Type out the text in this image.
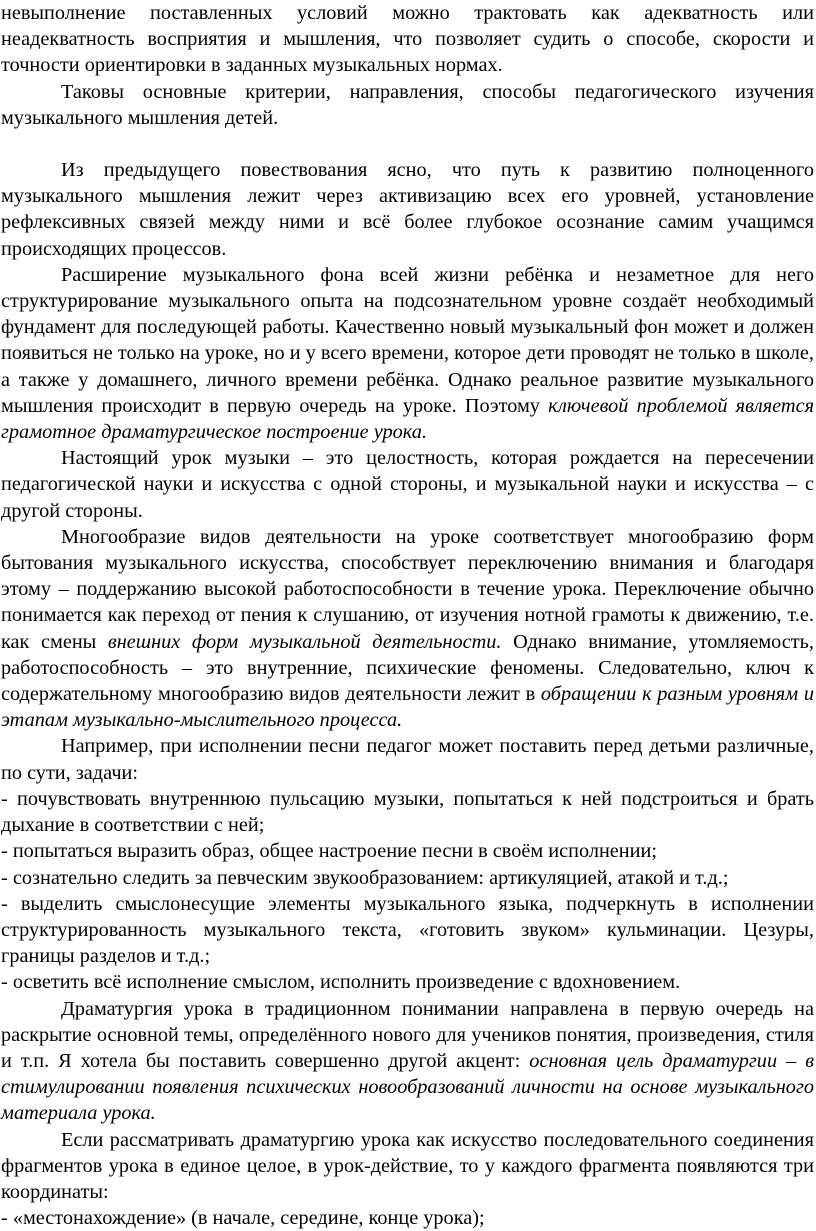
невыполнение поставленных условий можно трактовать как адекватность или неадекватность восприятия и мышления, что позволяет судить о способе, скорости и точности ориентировки в заданных музыкальных нормах.

Таковы основные критерии, направления, способы педагогического изучения музыкального мышления детей.

Из предыдущего повествования ясно, что путь к развитию полноценного музыкального мышления лежит через активизацию всех его уровней, установление рефлексивных связей между ними и всё более глубокое осознание самим учащимся происходящих процессов.

Расширение музыкального фона всей жизни ребёнка и незаметное для него структурирование музыкального опыта на подсознательном уровне создаёт необходимый фундамент для последующей работы. Качественно новый музыкальный фон может и должен появиться не только на уроке, но и у всего времени, которое дети проводят не только в школе, а также у домашнего, личного времени ребёнка. Однако реальное развитие музыкального мышления происходит в первую очередь на уроке. Поэтому ключевой проблемой является грамотное драматургическое построение урока.

Настоящий урок музыки – это целостность, которая рождается на пересечении педагогической науки и искусства с одной стороны, и музыкальной науки и искусства – с другой стороны.

Многообразие видов деятельности на уроке соответствует многообразию форм бытования музыкального искусства, способствует переключению внимания и благодаря этому – поддержанию высокой работоспособности в течение урока. Переключение обычно понимается как переход от пения к слушанию, от изучения нотной грамоты к движению, т.е. как смены внешних форм музыкальной деятельности. Однако внимание, утомляемость, работоспособность – это внутренние, психические феномены. Следовательно, ключ к содержательному многообразию видов деятельности лежит в обращении к разным уровням и этапам музыкально-мыслительного процесса.

Например, при исполнении песни педагог может поставить перед детьми различные, по сути, задачи:

- почувствовать внутреннюю пульсацию музыки, попытаться к ней подстроиться и брать дыхание в соответствии с ней;

- попытаться выразить образ, общее настроение песни в своём исполнении;

- сознательно следить за певческим звукообразованием: артикуляцией, атакой и т.д.;

- выделить смыслонесущие элементы музыкального языка, подчеркнуть в исполнении структурированность музыкального текста, «готовить звуком» кульминации. Цезуры, границы разделов и т.д.;

- осветить всё исполнение смыслом, исполнить произведение с вдохновением.

Драматургия урока в традиционном понимании направлена в первую очередь на раскрытие основной темы, определённого нового для учеников понятия, произведения, стиля и т.п. Я хотела бы поставить совершенно другой акцент: основная цель драматургии – в стимулировании появления психических новообразований личности на основе музыкального материала урока.

Если рассматривать драматургию урока как искусство последовательного соединения фрагментов урока в единое целое, в урок-действие, то у каждого фрагмента появляются три координаты:

- «местонахождение» (в начале, середине, конце урока);
